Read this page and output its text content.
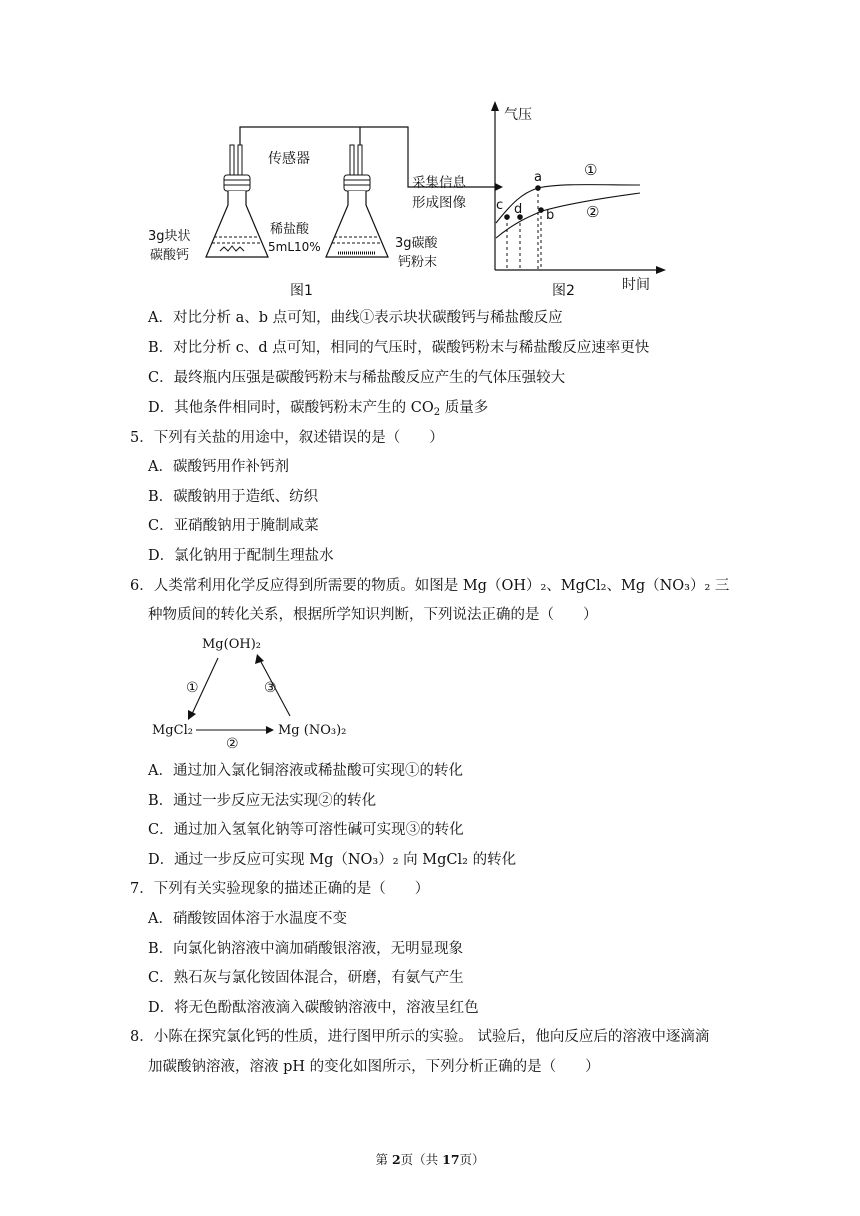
传感器
3g块状
碳酸钙
稀盐酸
5mL10%	3g碳酸
钙粉末
采集信息
形成图像
图1	图2
气压
时间
a
b
c d
①
②
A．对比分析 a、b 点可知，曲线①表示块状碳酸钙与稀盐酸反应
B．对比分析 c、d 点可知，相同的气压时，碳酸钙粉末与稀盐酸反应速率更快
C．最终瓶内压强是碳酸钙粉末与稀盐酸反应产生的气体压强较大
D．其他条件相同时，碳酸钙粉末产生的 $CO_2$ 质量多
5．下列有关盐的用途中，叙述错误的是（　　）
A．碳酸钙用作补钙剂
B．碳酸钠用于造纸、纺织
C．亚硝酸钠用于腌制咸菜
D．氯化钠用于配制生理盐水
6．人类常利用化学反应得到所需要的物质。如图是 Mg（OH）₂、MgCl₂、Mg（NO₃）₂ 三
种物质间的转化关系，根据所学知识判断，下列说法正确的是（　　）
Mg(OH)₂
MgCl₂	Mg (NO₃)₂
①
②
③
A．通过加入氯化铜溶液或稀盐酸可实现①的转化
B．通过一步反应无法实现②的转化
C．通过加入氢氧化钠等可溶性碱可实现③的转化
D．通过一步反应可实现 Mg（NO₃）₂ 向 MgCl₂ 的转化
7．下列有关实验现象的描述正确的是（　　）
A．硝酸铵固体溶于水温度不变
B．向氯化钠溶液中滴加硝酸银溶液，无明显现象
C．熟石灰与氯化铵固体混合，研磨，有氨气产生
D．将无色酚酞溶液滴入碳酸钠溶液中，溶液呈红色
8．小陈在探究氯化钙的性质，进行图甲所示的实验。 试验后，他向反应后的溶液中逐滴滴
加碳酸钠溶液，溶液 pH 的变化如图所示，下列分析正确的是（　　）
第 2页（共 17页）
